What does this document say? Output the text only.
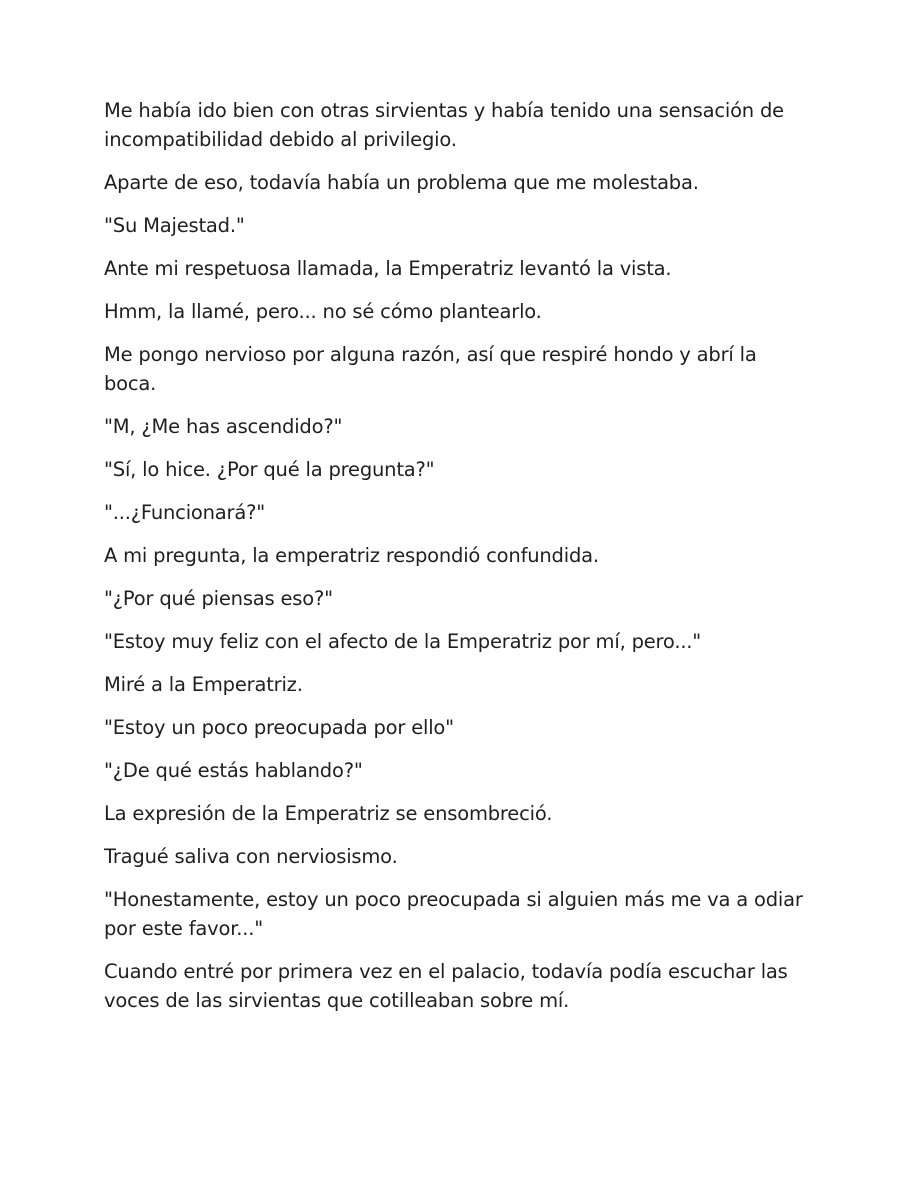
Me había ido bien con otras sirvientas y había tenido una sensación de incompatibilidad debido al privilegio.

Aparte de eso, todavía había un problema que me molestaba.

"Su Majestad."

Ante mi respetuosa llamada, la Emperatriz levantó la vista.

Hmm, la llamé, pero... no sé cómo plantearlo.

Me pongo nervioso por alguna razón, así que respiré hondo y abrí la boca.

"M, ¿Me has ascendido?"

"Sí, lo hice. ¿Por qué la pregunta?"

"...¿Funcionará?"

A mi pregunta, la emperatriz respondió confundida.

"¿Por qué piensas eso?"

"Estoy muy feliz con el afecto de la Emperatriz por mí, pero..."

Miré a la Emperatriz.

"Estoy un poco preocupada por ello"

"¿De qué estás hablando?"

La expresión de la Emperatriz se ensombreció.

Tragué saliva con nerviosismo.

"Honestamente, estoy un poco preocupada si alguien más me va a odiar por este favor..."

Cuando entré por primera vez en el palacio, todavía podía escuchar las voces de las sirvientas que cotilleaban sobre mí.
